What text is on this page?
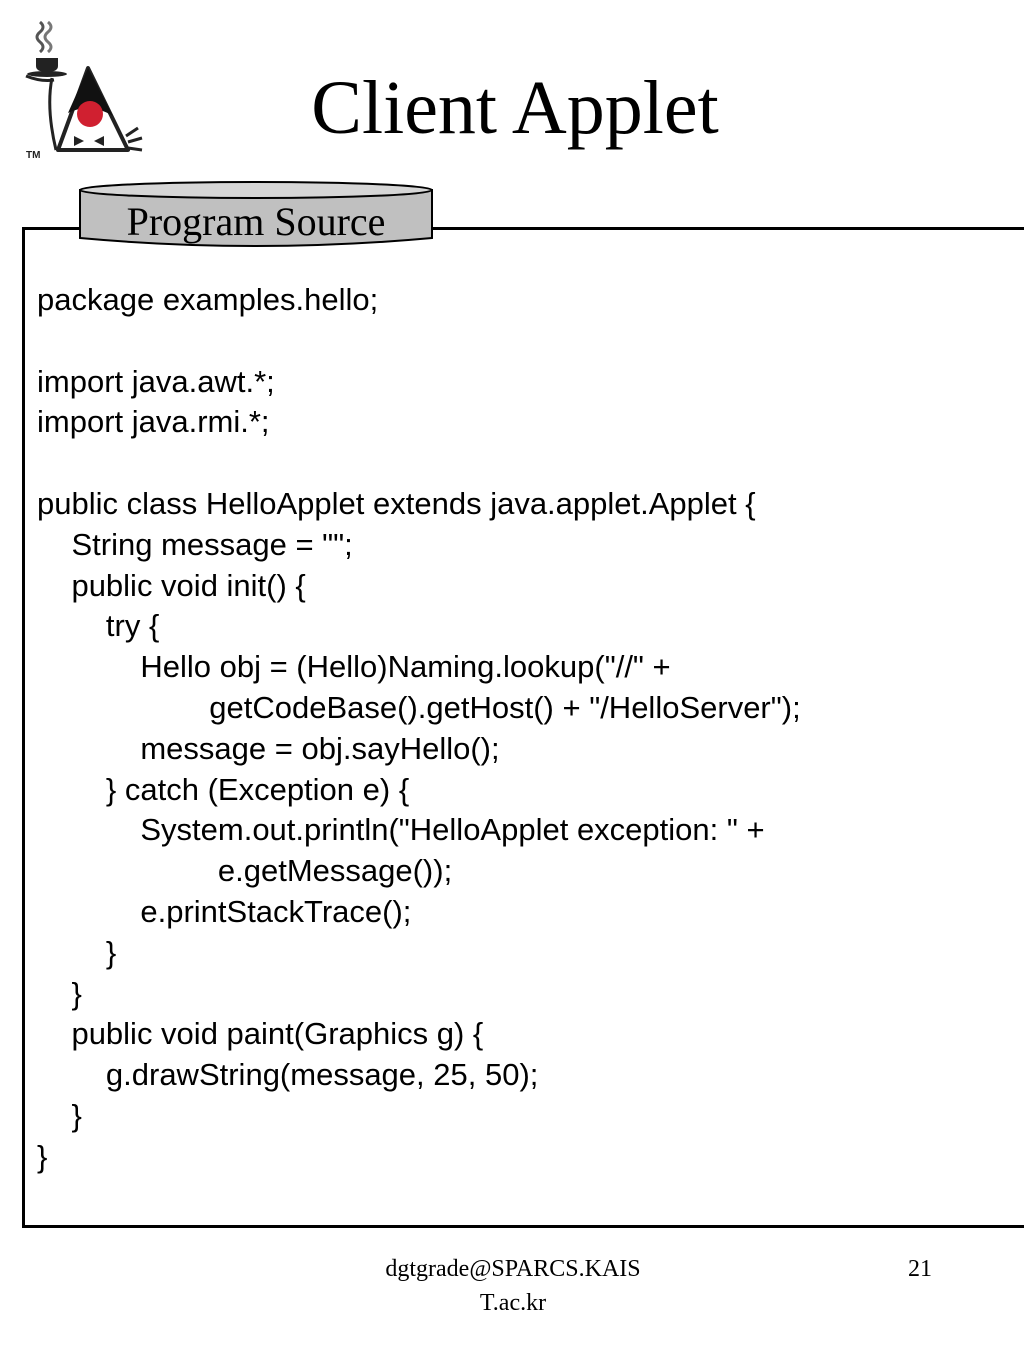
TM
Client Applet
Program Source
package examples.hello;
import java.awt.*;
import java.rmi.*;
public class HelloApplet extends java.applet.Applet {
String message = "";
public void init() {
try {
Hello obj = (Hello)Naming.lookup("//" +
getCodeBase().getHost() + "/HelloServer");
message = obj.sayHello();
} catch (Exception e) {
System.out.println("HelloApplet exception: " +
e.getMessage());
e.printStackTrace();
}
}
public void paint(Graphics g) {
g.drawString(message, 25, 50);
}
}
dgtgrade@SPARCS.KAIS
T.ac.kr
21
